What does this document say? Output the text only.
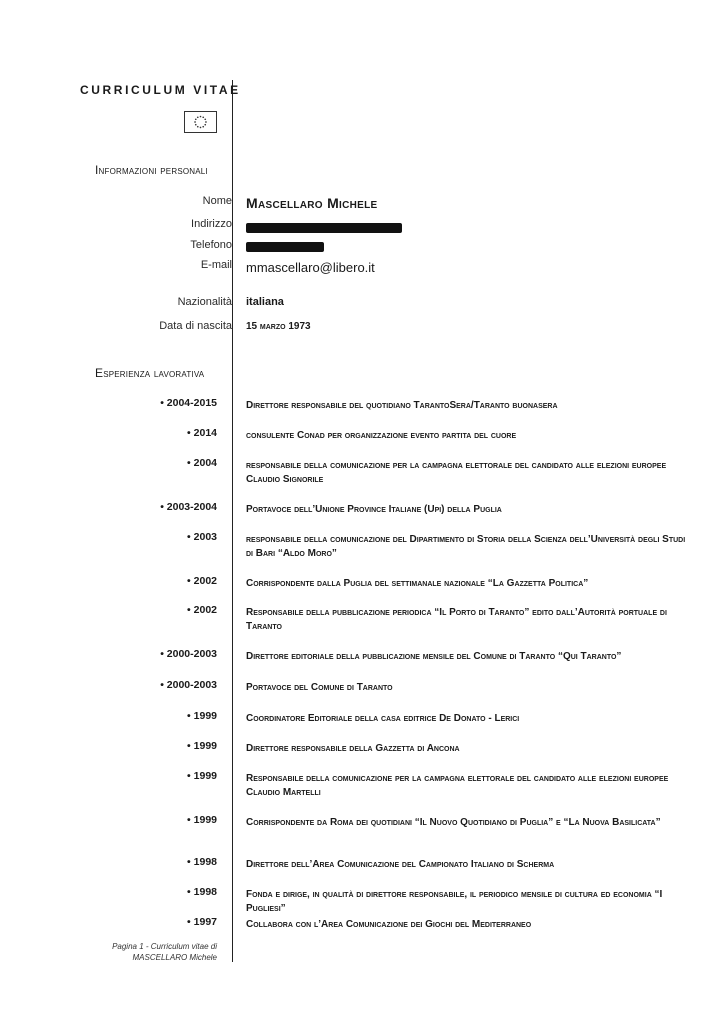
CURRICULUM VITAE
Informazioni personali
Nome Mascellaro Michele
Indirizzo
Telefono
E-mail mmascellaro@libero.it
Nazionalità italiana
Data di nascita 15 marzo 1973
Esperienza lavorativa
• 2004-2015	Direttore responsabile del quotidiano TarantoSera/Taranto buonasera
• 2014	consulente Conad per organizzazione evento partita del cuore
• 2004	responsabile della comunicazione per la campagna elettorale del candidato alle elezioni europee Claudio Signorile
• 2003-2004	Portavoce dell’Unione Province Italiane (Upi) della Puglia
• 2003	responsabile della comunicazione del Dipartimento di Storia della Scienza dell’Università degli Studi di Bari “Aldo Moro”
• 2002	Corrispondente dalla Puglia del settimanale nazionale “La Gazzetta Politica”
• 2002	Responsabile della pubblicazione periodica “Il Porto di Taranto” edito dall’Autorità portuale di Taranto
• 2000-2003	Direttore editoriale della pubblicazione mensile del Comune di Taranto “Qui Taranto”
• 2000-2003	Portavoce del Comune di Taranto
• 1999	Coordinatore Editoriale della casa editrice De Donato - Lerici
• 1999	Direttore responsabile della Gazzetta di Ancona
• 1999	Responsabile della comunicazione per la campagna elettorale del candidato alle elezioni europee Claudio Martelli
• 1999	Corrispondente da Roma dei quotidiani “Il Nuovo Quotidiano di Puglia” e “La Nuova Basilicata”
• 1998	Direttore dell’Area Comunicazione del Campionato Italiano di Scherma
• 1998	Fonda e dirige, in qualità di direttore responsabile, il periodico mensile di cultura ed economia “I Pugliesi”
• 1997	Collabora con l’Area Comunicazione dei Giochi del Mediterraneo
Pagina 1 - Curriculum vitae di
MASCELLARO Michele
